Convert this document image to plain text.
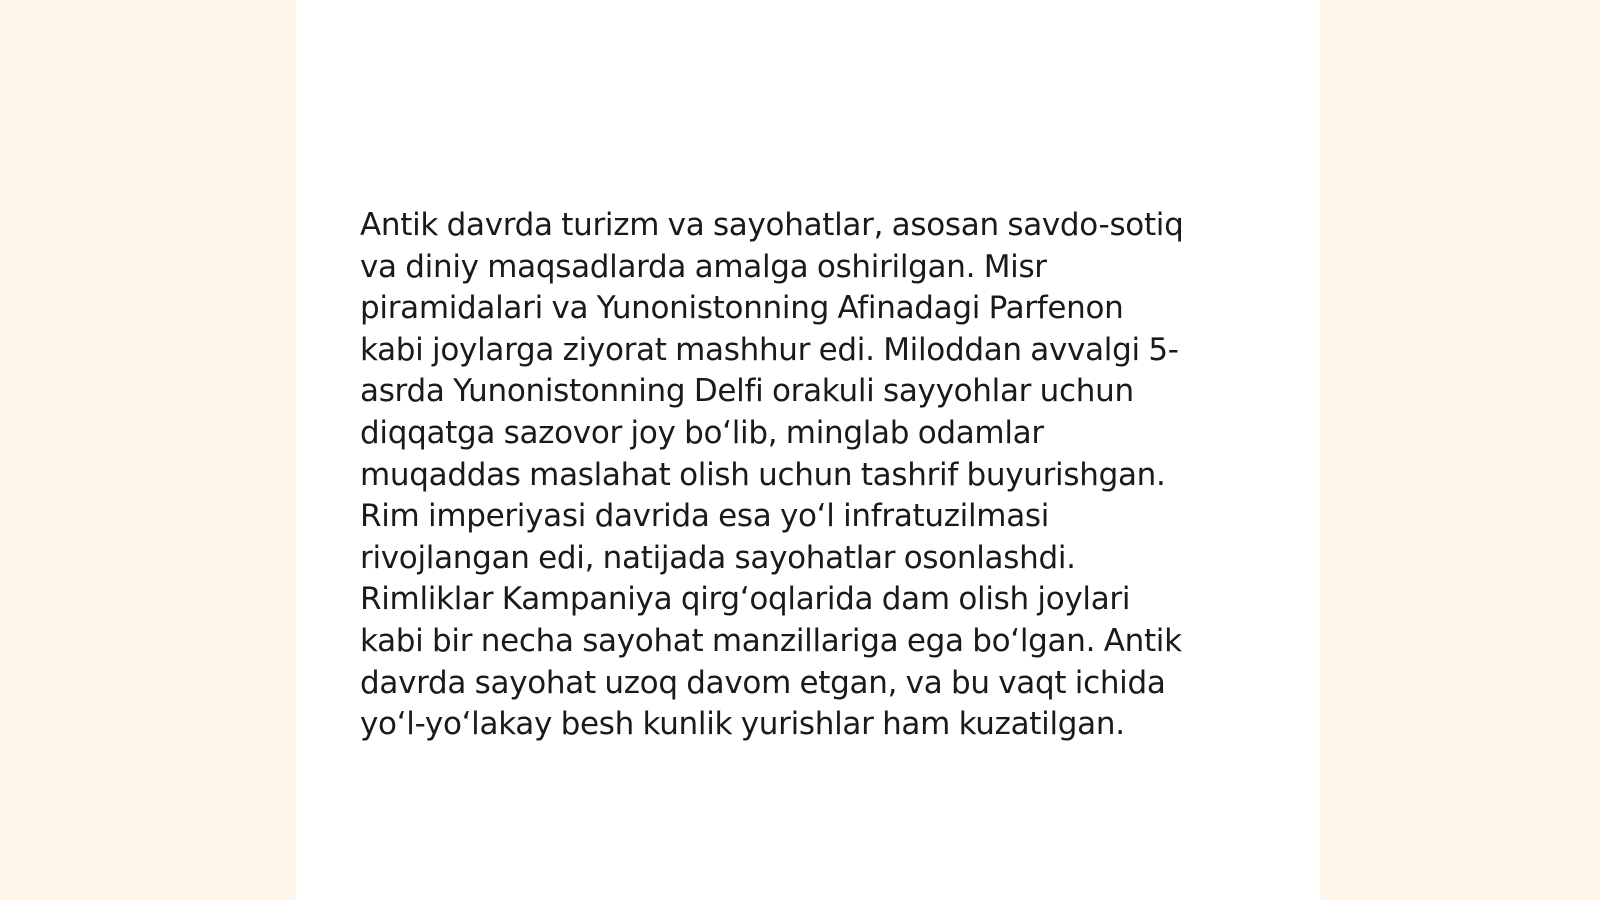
Antik davrda turizm va sayohatlar, asosan savdo-sotiq
va diniy maqsadlarda amalga oshirilgan. Misr
piramidalari va Yunonistonning Afinadagi Parfenon
kabi joylarga ziyorat mashhur edi. Miloddan avvalgi 5-
asrda Yunonistonning Delfi orakuli sayyohlar uchun
diqqatga sazovor joy bo‘lib, minglab odamlar
muqaddas maslahat olish uchun tashrif buyurishgan.
Rim imperiyasi davrida esa yo‘l infratuzilmasi
rivojlangan edi, natijada sayohatlar osonlashdi.
Rimliklar Kampaniya qirg‘oqlarida dam olish joylari
kabi bir necha sayohat manzillariga ega bo‘lgan. Antik
davrda sayohat uzoq davom etgan, va bu vaqt ichida
yo‘l-yo‘lakay besh kunlik yurishlar ham kuzatilgan.
